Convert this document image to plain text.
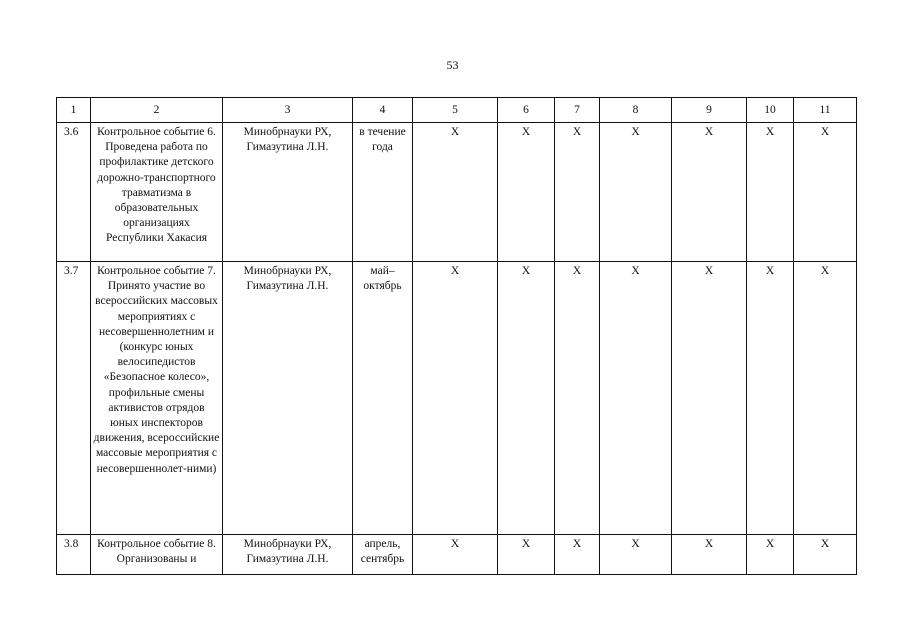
53
1	2	3	4	5	6	7	8	9	10	11
3.6	Контрольное событие 6. Проведена работа по профилактике детского дорожно-транспортного травматизма в образовательных организациях Республики Хакасия	Минобрнауки РХ, Гимазутина Л.Н.	в течение года	Х	Х	Х	Х	Х	Х	Х
3.7	Контрольное событие 7. Принято участие во всероссийских массовых мероприятиях с несовершеннолетним и (конкурс юных велосипедистов «Безопасное колесо», профильные смены активистов отрядов юных инспекторов движения, всероссийские массовые мероприятия с несовершеннолет-ними)	Минобрнауки РХ, Гимазутина Л.Н.	май–октябрь	Х	Х	Х	Х	Х	Х	Х
3.8	Контрольное событие 8. Организованы и	Минобрнауки РХ, Гимазутина Л.Н.	апрель, сентябрь	Х	Х	Х	Х	Х	Х	Х
